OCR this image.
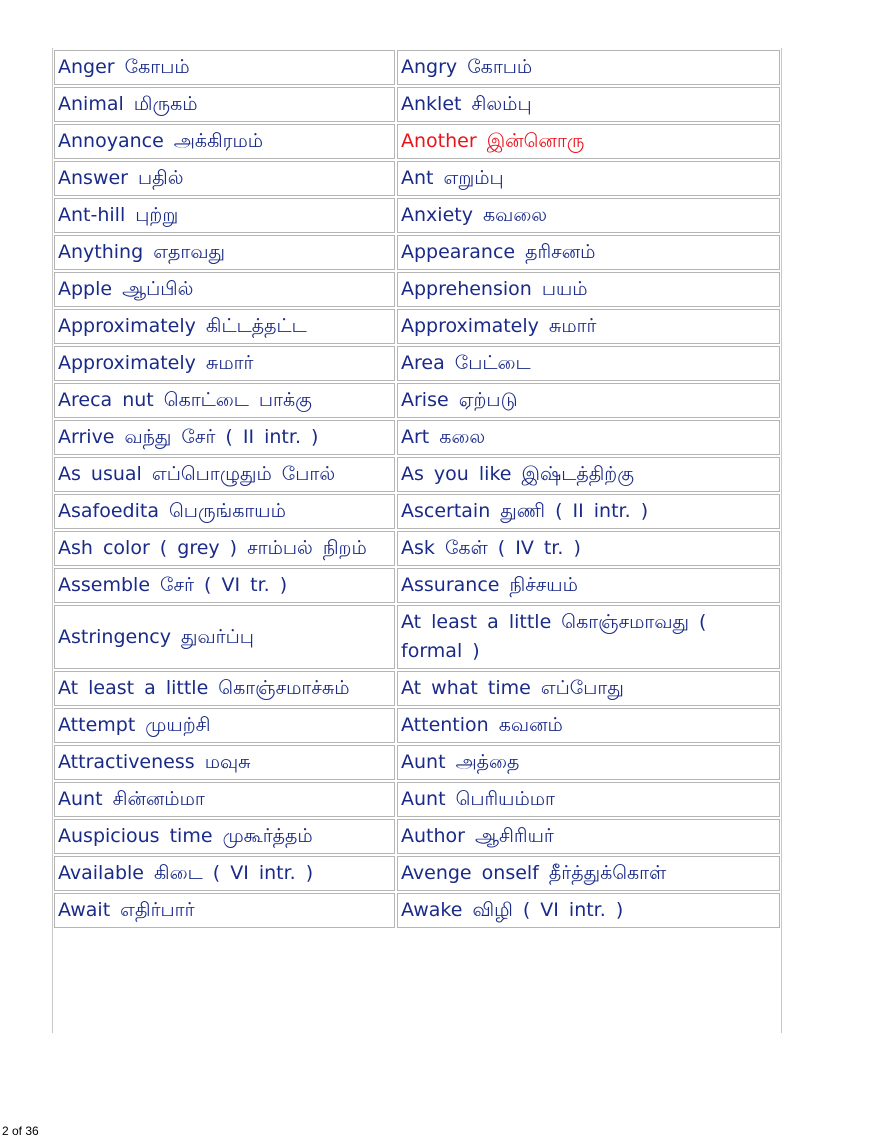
Anger கோபம்	Angry கோபம்
Animal மிருகம்	Anklet சிலம்பு
Annoyance அக்கிரமம்	Another இன்னொரு
Answer பதில்	Ant எறும்பு
Ant-hill புற்று	Anxiety கவலை
Anything எதாவது	Appearance தரிசனம்
Apple ஆப்பில்	Apprehension பயம்
Approximately கிட்டத்தட்ட	Approximately சுமார்
Approximately சுமார்	Area பேட்டை
Areca nut கொட்டை பாக்கு	Arise ஏற்படு
Arrive வந்து சேர் ( II intr. )	Art கலை
As usual எப்பொழுதும் போல்	As you like இஷ்டத்திற்கு
Asafoedita பெருங்காயம்	Ascertain துணி ( II intr. )
Ash color ( grey ) சாம்பல் நிறம்	Ask கேள் ( IV tr. )
Assemble சேர் ( VI tr. )	Assurance நிச்சயம்
Astringency துவர்ப்பு	At least a little கொஞ்சமாவது ( formal )
At least a little கொஞ்சமாச்சும்	At what time எப்போது
Attempt முயற்சி	Attention கவனம்
Attractiveness மவுசு	Aunt அத்தை
Aunt சின்னம்மா	Aunt பெரியம்மா
Auspicious time முகூர்த்தம்	Author ஆசிரியர்
Available கிடை ( VI intr. )	Avenge onself தீர்த்துக்கொள்
Await எதிர்பார்	Awake விழி ( VI intr. )
2 of 36
